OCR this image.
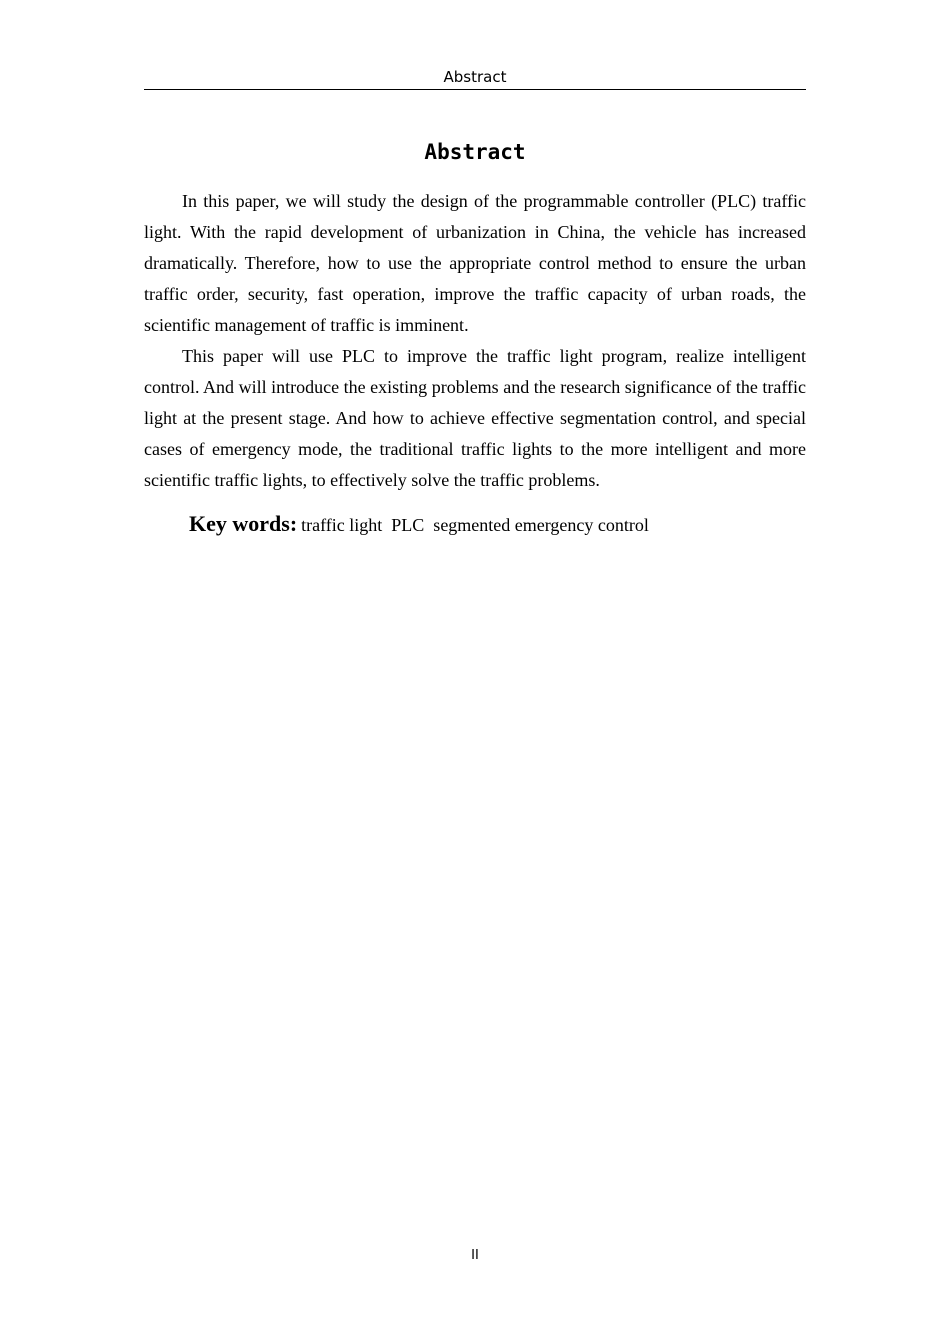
Abstract
Abstract

In this paper, we will study the design of the programmable controller (PLC) traffic light. With the rapid development of urbanization in China, the vehicle has increased dramatically. Therefore, how to use the appropriate control method to ensure the urban traffic order, security, fast operation, improve the traffic capacity of urban roads, the scientific management of traffic is imminent.

This paper will use PLC to improve the traffic light program, realize intelligent control. And will introduce the existing problems and the research significance of the traffic light at the present stage. And how to achieve effective segmentation control, and special cases of emergency mode, the traditional traffic lights to the more intelligent and more scientific traffic lights, to effectively solve the traffic problems.

Key words: traffic light  PLC  segmented emergency control
II
